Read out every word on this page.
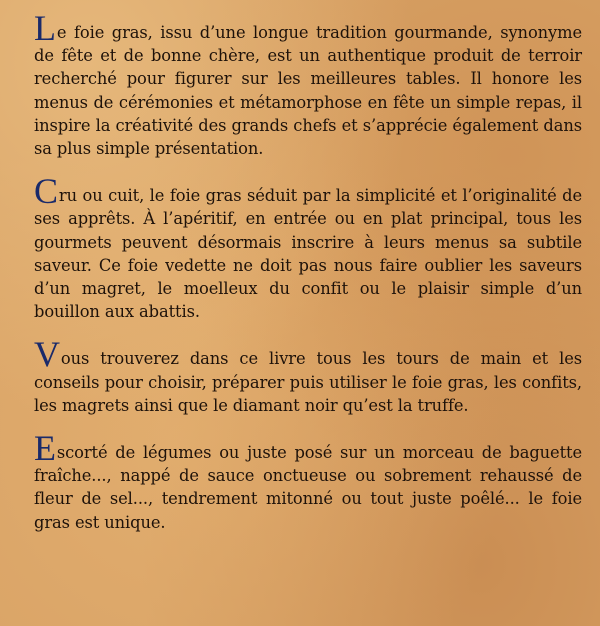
Le foie gras, issu d’une longue tradition gourmande, synonyme de fête et de bonne chère, est un authentique produit de terroir recherché pour figurer sur les meilleures tables. Il honore les menus de cérémonies et métamorphose en fête un simple repas, il inspire la créativité des grands chefs et s’apprécie également dans sa plus simple présentation.

Cru ou cuit, le foie gras séduit par la simplicité et l’originalité de ses apprêts. À l’apéritif, en entrée ou en plat principal, tous les gourmets peuvent désormais inscrire à leurs menus sa subtile saveur. Ce foie vedette ne doit pas nous faire oublier les saveurs d’un magret, le moelleux du confit ou le plaisir simple d’un bouillon aux abattis.

Vous trouverez dans ce livre tous les tours de main et les conseils pour choisir, préparer puis utiliser le foie gras, les confits, les magrets ainsi que le diamant noir qu’est la truffe.

Escorté de légumes ou juste posé sur un morceau de baguette fraîche..., nappé de sauce onctueuse ou sobrement rehaussé de fleur de sel..., tendrement mitonné ou tout juste poêlé... le foie gras est unique.
